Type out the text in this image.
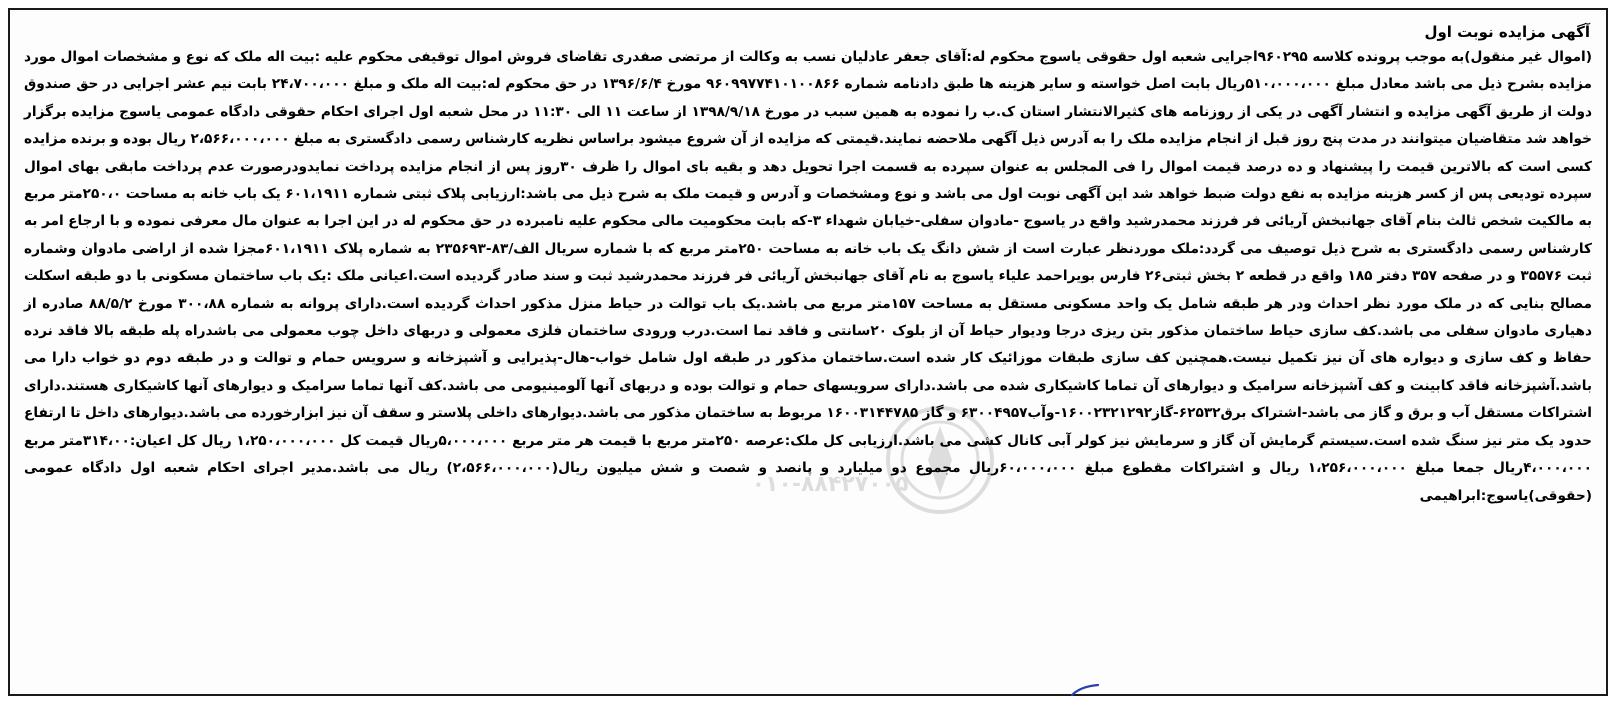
آگهی مزایده نوبت اول

(اموال غیر منقول)به موجب پرونده کلاسه ۹۶۰۲۹۵اجرایی شعبه اول حقوقی یاسوج محکوم له:آقای جعفر عادلیان نسب به وکالت از مرتضی صفدری تقاضای فروش اموال توقیفی محکوم علیه :بیت اله ملک که نوع و مشخصات اموال مورد مزایده بشرح ذیل می باشد معادل مبلغ ۵۱۰،۰۰۰،۰۰۰ریال بابت اصل خواسته و سایر هزینه ها طبق دادنامه شماره ۹۶۰۹۹۷۷۴۱۰۱۰۰۸۶۶ مورخ ۱۳۹۶/۶/۴ در حق محکوم له:بیت اله ملک و مبلغ ۲۴،۷۰۰،۰۰۰ بابت نیم عشر اجرایی در حق صندوق دولت از طریق آگهی مزایده و انتشار آگهی در یکی از روزنامه های کثیرالانتشار استان ک.ب را نموده به همین سبب در مورخ ۱۳۹۸/۹/۱۸ از ساعت ۱۱ الی ۱۱:۳۰ در محل شعبه اول اجرای احکام حقوقی دادگاه عمومی یاسوج مزایده برگزار خواهد شد متقاضیان میتوانند در مدت پنج روز قبل از انجام مزایده ملک را به آدرس ذیل آگهی ملاحضه نمایند.قیمتی که مزایده از آن شروع میشود براساس نظریه کارشناس رسمی دادگستری به مبلغ ۲،۵۶۶،۰۰۰،۰۰۰ ریال بوده و برنده مزایده کسی است که بالاترین قیمت را پیشنهاد و ده درصد قیمت اموال را فی المجلس به عنوان سپرده به قسمت اجرا تحویل دهد و بقیه بای اموال را ظرف ۳۰روز پس از انجام مزایده پرداخت نمایدودرصورت عدم پرداخت مابقی بهای اموال سپرده تودیعی پس از کسر هزینه مزایده به نفع دولت ضبط خواهد شد این آگهی نوبت اول می باشد و نوع ومشخصات و آدرس و قیمت ملک به شرح ذیل می باشد:ارزیابی پلاک ثبتی شماره ۶۰۱،۱۹۱۱ یک باب خانه به مساحت ۲۵۰،۰متر مربع به مالکیت شخص ثالث بنام آقای جهانبخش آریائی فر فرزند محمدرشید واقع در یاسوج -مادوان سفلی-خیابان شهداء ۳-که بابت محکومیت مالی محکوم علیه نامبرده در حق محکوم له در این اجرا به عنوان مال معرفی نموده و با ارجاع امر به کارشناس رسمی دادگستری به شرح ذیل توصیف می گردد:ملک موردنظر عبارت است از شش دانگ یک باب خانه به مساحت ۲۵۰متر مربع که با شماره سریال الف/۸۳-۲۳۵۶۹۳ به شماره پلاک ۶۰۱،۱۹۱۱مجزا شده از اراضی مادوان وشماره ثبت ۳۵۵۷۶ و در صفحه ۳۵۷ دفتر ۱۸۵ واقع در قطعه ۲ بخش ثبتی۲۶ فارس بویراحمد علیاء یاسوج به نام آقای جهانبخش آریائی فر فرزند محمدرشید ثبت و سند صادر گردیده است.اعیانی ملک :یک باب ساختمان مسکونی با دو طبقه اسکلت مصالح بنایی که در ملک مورد نظر احداث ودر هر طبقه شامل یک واحد مسکونی مستقل به مساحت ۱۵۷متر مربع می باشد.یک باب توالت در حیاط منزل مذکور احداث گردیده است.دارای پروانه به شماره ۳۰۰،۸۸ مورخ ۸۸/۵/۲ صادره از دهیاری مادوان سفلی می باشد.کف سازی حیاط ساختمان مذکور بتن ریزی درجا ودیوار حیاط آن از بلوک ۲۰سانتی و فاقد نما است.درب ورودی ساختمان فلزی معمولی و دربهای داخل چوب معمولی می باشدراه پله طبقه بالا فاقد نرده حفاظ و کف سازی و دیواره های آن نیز تکمیل نیست.همچنین کف سازی طبقات موزائیک کار شده است.ساختمان مذکور در طبقه اول شامل خواب-هال-پذیرایی و آشپزخانه و سرویس حمام و توالت و در طبقه دوم دو خواب دارا می باشد.آشپزخانه فاقد کابینت و کف آشپزخانه سرامیک و دیوارهای آن تماما کاشیکاری شده می باشد.دارای سرویسهای حمام و توالت بوده و دربهای آنها آلومینیومی می باشد.کف آنها تماما سرامیک و دیوارهای آنها کاشیکاری هستند.دارای اشتراکات مستقل آب و برق و گاز می باشد-اشتراک برق۶۲۵۳۲-گاز۱۶۰۰۲۳۲۱۲۹۲-وآب۶۳۰۰۴۹۵۷ و گاز ۱۶۰۰۳۱۴۴۷۸۵ مربوط به ساختمان مذکور می باشد.دیوارهای داخلی پلاستر و سقف آن نیز ابزارخورده می باشد.دیوارهای داخل تا ارتفاع حدود یک متر نیز سنگ شده است.سیستم گرمایش آن گاز و سرمایش نیز کولر آبی کانال کشی می باشد.ارزیابی کل ملک:عرصه ۲۵۰متر مربع با قیمت هر متر مربع ۵،۰۰۰،۰۰۰ریال قیمت کل ۱،۲۵۰،۰۰۰،۰۰۰ ریال کل اعیان:۳۱۴،۰۰متر مربع ۴،۰۰۰،۰۰۰ریال جمعا مبلغ ۱،۲۵۶،۰۰۰،۰۰۰ ریال و اشتراکات مقطوع مبلغ ۶۰،۰۰۰،۰۰۰ریال مجموع دو میلیارد و پانصد و شصت و شش میلیون ریال(۲،۵۶۶،۰۰۰،۰۰۰) ریال می باشد.مدیر اجرای احکام شعبه اول دادگاه عمومی (حقوقی)یاسوج:ابراهیمی

۰۱۰-۸۸۴۲۷۰۰۵
